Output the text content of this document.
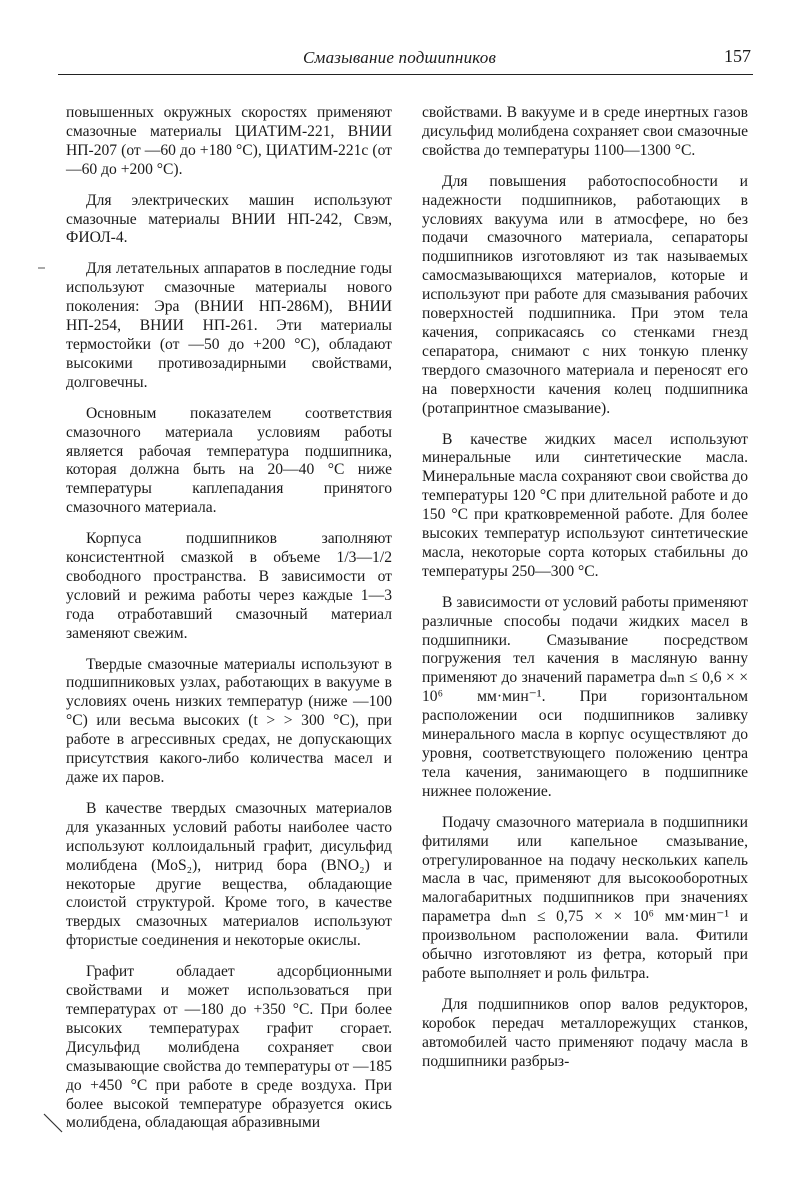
Смазывание подшипников	157

повышенных окружных скоростях применяют смазочные материалы ЦИАТИМ-221, ВНИИ НП-207 (от —60 до +180 °С), ЦИАТИМ-221с (от —60 до +200 °С).

Для электрических машин используют смазочные материалы ВНИИ НП-242, Свэм, ФИОЛ-4.

Для летательных аппаратов в последние годы используют смазочные материалы нового поколения: Эра (ВНИИ НП-286М), ВНИИ НП-254, ВНИИ НП-261. Эти материалы термостойки (от —50 до +200 °С), обладают высокими противозадирными свойствами, долговечны.

Основным показателем соответствия смазочного материала условиям работы является рабочая температура подшипника, которая должна быть на 20—40 °С ниже температуры каплепадания принятого смазочного материала.

Корпуса подшипников заполняют консистентной смазкой в объеме 1/3—1/2 свободного пространства. В зависимости от условий и режима работы через каждые 1—3 года отработавший смазочный материал заменяют свежим.

Твердые смазочные материалы используют в подшипниковых узлах, работающих в вакууме в условиях очень низких температур (ниже —100 °С) или весьма высоких (t > > 300 °С), при работе в агрессивных средах, не допускающих присутствия какого-либо количества масел и даже их паров.

В качестве твердых смазочных материалов для указанных условий работы наиболее часто используют коллоидальный графит, дисульфид молибдена (MoS₂), нитрид бора (BNO₂) и некоторые другие вещества, обладающие слоистой структурой. Кроме того, в качестве твердых смазочных материалов используют фтористые соединения и некоторые окислы.

Графит обладает адсорбционными свойствами и может использоваться при температурах от —180 до +350 °С. При более высоких температурах графит сгорает. Дисульфид молибдена сохраняет свои смазывающие свойства до температуры от —185 до +450 °С при работе в среде воздуха. При более высокой температуре образуется окись молибдена, обладающая абразивными

свойствами. В вакууме и в среде инертных газов дисульфид молибдена сохраняет свои смазочные свойства до температуры 1100—1300 °С.

Для повышения работоспособности и надежности подшипников, работающих в условиях вакуума или в атмосфере, но без подачи смазочного материала, сепараторы подшипников изготовляют из так называемых самосмазывающихся материалов, которые и используют при работе для смазывания рабочих поверхностей подшипника. При этом тела качения, соприкасаясь со стенками гнезд сепаратора, снимают с них тонкую пленку твердого смазочного материала и переносят его на поверхности качения колец подшипника (ротапринтное смазывание).

В качестве жидких масел используют минеральные или синтетические масла. Минеральные масла сохраняют свои свойства до температуры 120 °С при длительной работе и до 150 °С при кратковременной работе. Для более высоких температур используют синтетические масла, некоторые сорта которых стабильны до температуры 250—300 °С.

В зависимости от условий работы применяют различные способы подачи жидких масел в подшипники. Смазывание посредством погружения тел качения в масляную ванну применяют до значений параметра dₘn ≤ 0,6 × × 10⁶ мм·мин⁻¹. При горизонтальном расположении оси подшипников заливку минерального масла в корпус осуществляют до уровня, соответствующего положению центра тела качения, занимающего в подшипнике нижнее положение.

Подачу смазочного материала в подшипники фитилями или капельное смазывание, отрегулированное на подачу нескольких капель масла в час, применяют для высокооборотных малогабаритных подшипников при значениях параметра dₘn ≤ 0,75 × × 10⁶ мм·мин⁻¹ и произвольном расположении вала. Фитили обычно изготовляют из фетра, который при работе выполняет и роль фильтра.

Для подшипников опор валов редукторов, коробок передач металлорежущих станков, автомобилей часто применяют подачу масла в подшипники разбрыз-
